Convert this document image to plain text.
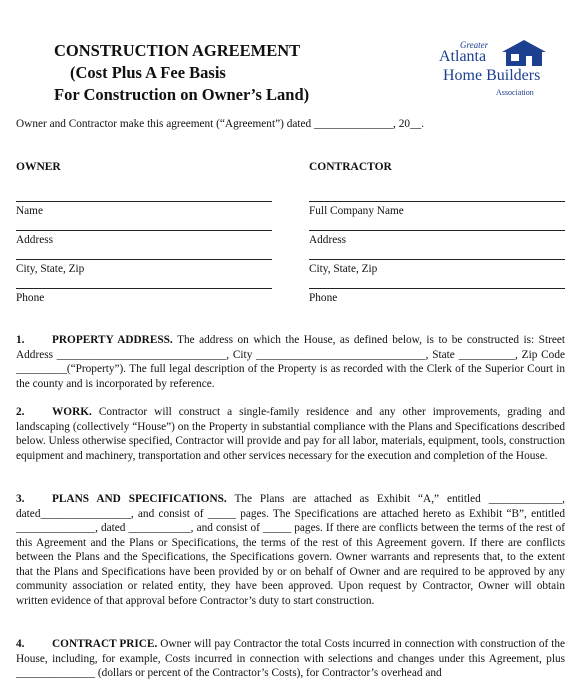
CONSTRUCTION AGREEMENT
(Cost Plus A Fee Basis
For Construction on Owner’s Land)
Greater
Atlanta
Home Builders
Association
Owner and Contractor make this agreement (“Agreement”) dated ______________, 20__.
OWNER	CONTRACTOR
Name
Address
City, State, Zip
Phone
Full Company Name
Address
City, State, Zip
Phone
1. PROPERTY ADDRESS. The address on which the House, as defined below, is to be constructed is: Street Address ______________________________, City ______________________________, State __________, Zip Code _________(“Property”). The full legal description of the Property is as recorded with the Clerk of the Superior Court in the county and is incorporated by reference.
2. WORK. Contractor will construct a single-family residence and any other improvements, grading and landscaping (collectively “House”) on the Property in substantial compliance with the Plans and Specifications described below. Unless otherwise specified, Contractor will provide and pay for all labor, materials, equipment, tools, construction equipment and machinery, transportation and other services necessary for the execution and completion of the House.
3. PLANS AND SPECIFICATIONS. The Plans are attached as Exhibit “A,” entitled _____________, dated________________, and consist of _____ pages. The Specifications are attached hereto as Exhibit “B”, entitled ______________, dated ___________, and consist of _____ pages. If there are conflicts between the terms of the rest of this Agreement and the Plans or Specifications, the terms of the rest of this Agreement govern. If there are conflicts between the Plans and the Specifications, the Specifications govern. Owner warrants and represents that, to the extent that the Plans and Specifications have been provided by or on behalf of Owner and are required to be approved by any community association or related entity, they have been approved. Upon request by Contractor, Owner will obtain written evidence of that approval before Contractor’s duty to start construction.
4. CONTRACT PRICE. Owner will pay Contractor the total Costs incurred in connection with construction of the House, including, for example, Costs incurred in connection with selections and changes under this Agreement, plus ______________ (dollars or percent of the Contractor’s Costs), for Contractor’s overhead and
